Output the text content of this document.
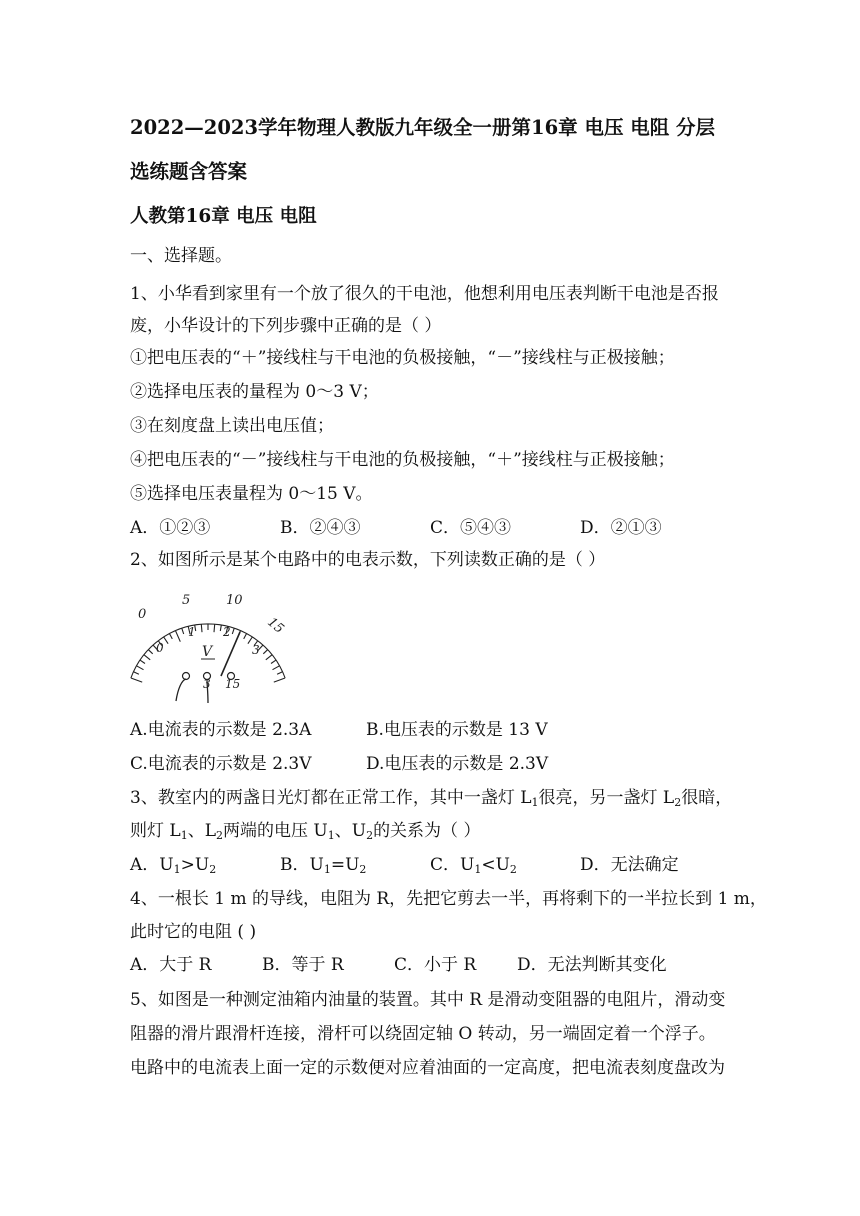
2022—2023学年物理人教版九年级全一册第16章 电压 电阻 分层
选练题含答案
人教第16章 电压 电阻
一、选择题。
1、小华看到家里有一个放了很久的干电池，他想利用电压表判断干电池是否报
废，小华设计的下列步骤中正确的是（ ）
①把电压表的“＋”接线柱与干电池的负极接触，“－”接线柱与正极接触；
②选择电压表的量程为 0～3 V；
③在刻度盘上读出电压值；
④把电压表的“－”接线柱与干电池的负极接触，“＋”接线柱与正极接触；
⑤选择电压表量程为 0～15 V。
A．①②③	B．②④③	C．⑤④③	D．②①③
2、如图所示是某个电路中的电表示数，下列读数正确的是（ ）
0
5	10
15
0
1 2
3
V
3 15
A.电流表的示数是 2.3A	B.电压表的示数是 13 V
C.电流表的示数是 2.3V	D.电压表的示数是 2.3V
3、教室内的两盏日光灯都在正常工作，其中一盏灯 $L_1$很亮，另一盏灯 $L_2$很暗，
则灯 $L_1$、$L_2$两端的电压 $U_1$、$U_2$的关系为（ ）
A．$U_1>U_2$	B．$U_1=U_2$	C．$U_1<U_2$	D．无法确定
4、一根长 1 m 的导线，电阻为 R，先把它剪去一半，再将剩下的一半拉长到 1 m，
此时它的电阻 ( )
A．大于 R	B．等于 R	C．小于 R D．无法判断其变化
5、如图是一种测定油箱内油量的装置。其中 R 是滑动变阻器的电阻片，滑动变
阻器的滑片跟滑杆连接，滑杆可以绕固定轴 O 转动，另一端固定着一个浮子。
电路中的电流表上面一定的示数便对应着油面的一定高度，把电流表刻度盘改为
